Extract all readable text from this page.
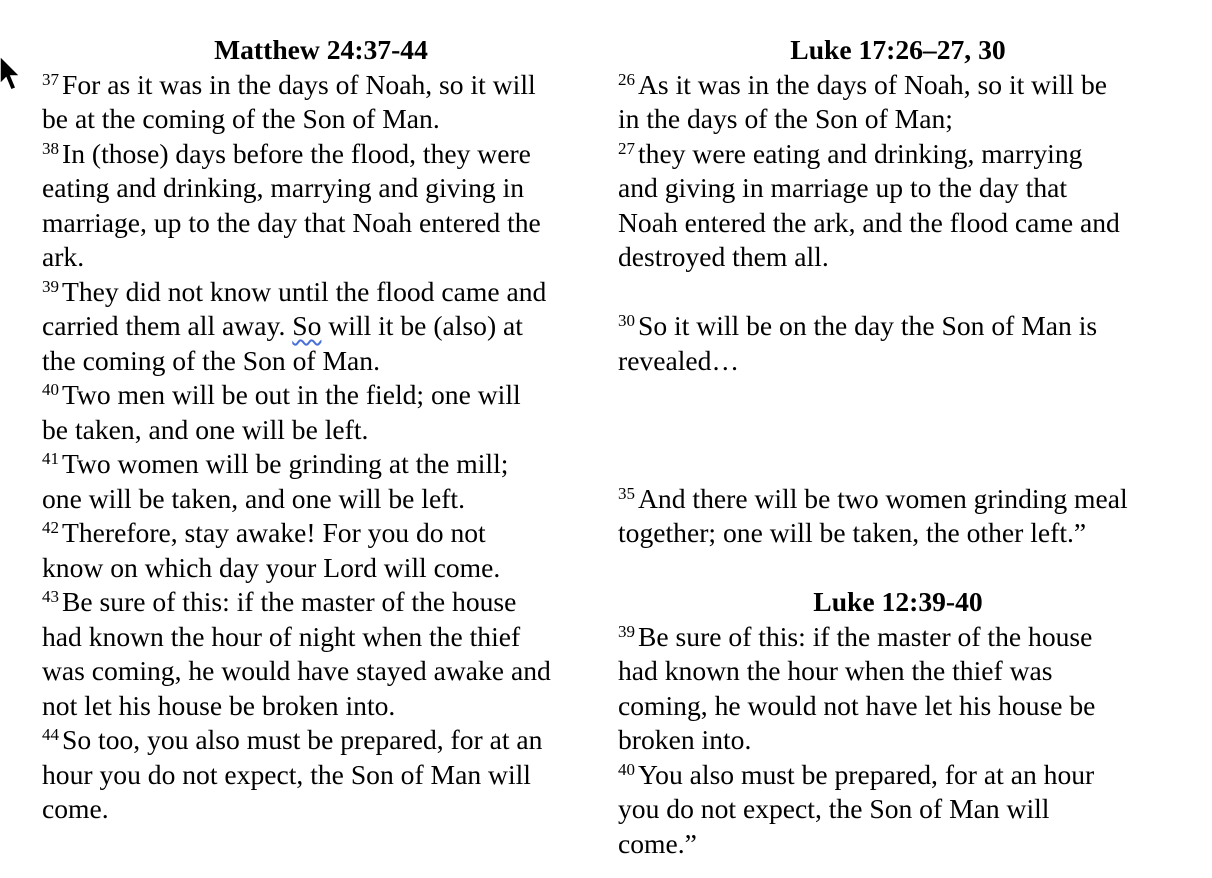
Matthew 24:37-44
$^{37}$ For as it was in the days of Noah, so it will
be at the coming of the Son of Man.
$^{38}$ In (those) days before the flood, they were
eating and drinking, marrying and giving in
marriage, up to the day that Noah entered the
ark.
$^{39}$ They did not know until the flood came and
carried them all away. So will it be (also) at
the coming of the Son of Man.
$^{40}$ Two men will be out in the field; one will
be taken, and one will be left.
$^{41}$ Two women will be grinding at the mill;
one will be taken, and one will be left.
$^{42}$ Therefore, stay awake! For you do not
know on which day your Lord will come.
$^{43}$ Be sure of this: if the master of the house
had known the hour of night when the thief
was coming, he would have stayed awake and
not let his house be broken into.
$^{44}$ So too, you also must be prepared, for at an
hour you do not expect, the Son of Man will
come.
Luke 17:26–27, 30
$^{26}$ As it was in the days of Noah, so it will be
in the days of the Son of Man;
$^{27}$ they were eating and drinking, marrying
and giving in marriage up to the day that
Noah entered the ark, and the flood came and
destroyed them all.
$^{30}$ So it will be on the day the Son of Man is
revealed…
$^{35}$ And there will be two women grinding meal
together; one will be taken, the other left.”
Luke 12:39-40
$^{39}$ Be sure of this: if the master of the house
had known the hour when the thief was
coming, he would not have let his house be
broken into.
$^{40}$ You also must be prepared, for at an hour
you do not expect, the Son of Man will
come.”
